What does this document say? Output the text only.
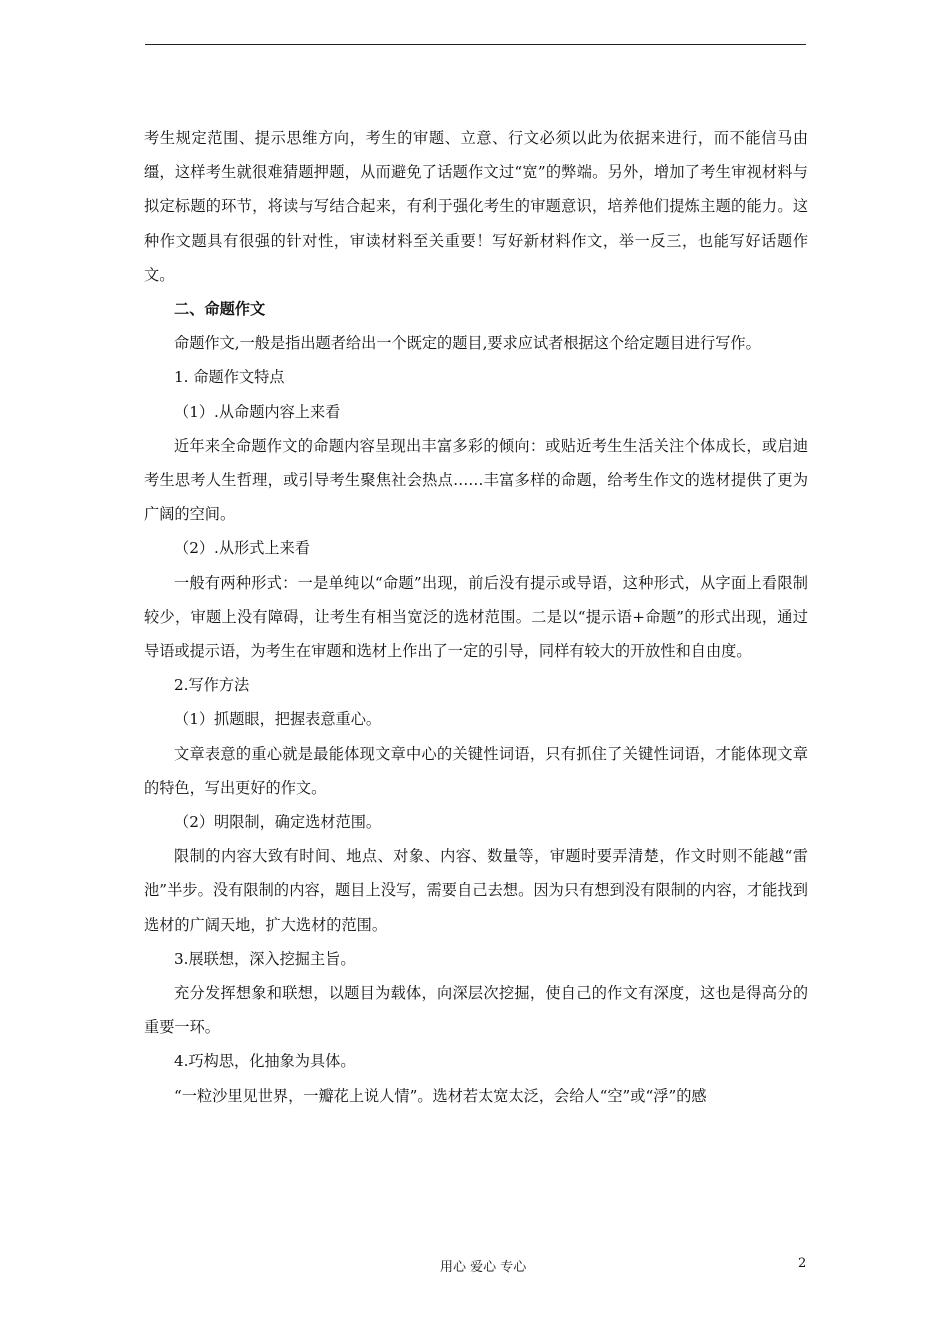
考生规定范围、提示思维方向，考生的审题、立意、行文必须以此为依据来进行，而不能信马由缰，这样考生就很难猜题押题，从而避免了话题作文过“宽”的弊端。另外，增加了考生审视材料与拟定标题的环节，将读与写结合起来，有利于强化考生的审题意识，培养他们提炼主题的能力。这种作文题具有很强的针对性，审读材料至关重要！写好新材料作文，举一反三，也能写好话题作文。

二、命题作文

命题作文,一般是指出题者给出一个既定的题目,要求应试者根据这个给定题目进行写作。

1. 命题作文特点

（1）.从命题内容上来看

近年来全命题作文的命题内容呈现出丰富多彩的倾向：或贴近考生生活关注个体成长，或启迪考生思考人生哲理，或引导考生聚焦社会热点……丰富多样的命题，给考生作文的选材提供了更为广阔的空间。

（2）.从形式上来看

一般有两种形式：一是单纯以“命题”出现，前后没有提示或导语，这种形式，从字面上看限制较少，审题上没有障碍，让考生有相当宽泛的选材范围。二是以“提示语+命题”的形式出现，通过导语或提示语，为考生在审题和选材上作出了一定的引导，同样有较大的开放性和自由度。

2.写作方法

（1）抓题眼，把握表意重心。

文章表意的重心就是最能体现文章中心的关键性词语，只有抓住了关键性词语，才能体现文章的特色，写出更好的作文。

（2）明限制，确定选材范围。

限制的内容大致有时间、地点、对象、内容、数量等，审题时要弄清楚，作文时则不能越“雷池”半步。没有限制的内容，题目上没写，需要自己去想。因为只有想到没有限制的内容，才能找到选材的广阔天地，扩大选材的范围。

3.展联想，深入挖掘主旨。

充分发挥想象和联想，以题目为载体，向深层次挖掘，使自己的作文有深度，这也是得高分的重要一环。

4.巧构思，化抽象为具体。

“一粒沙里见世界，一瓣花上说人情”。选材若太宽太泛，会给人“空”或“浮”的感

用心 爱心 专心	2
